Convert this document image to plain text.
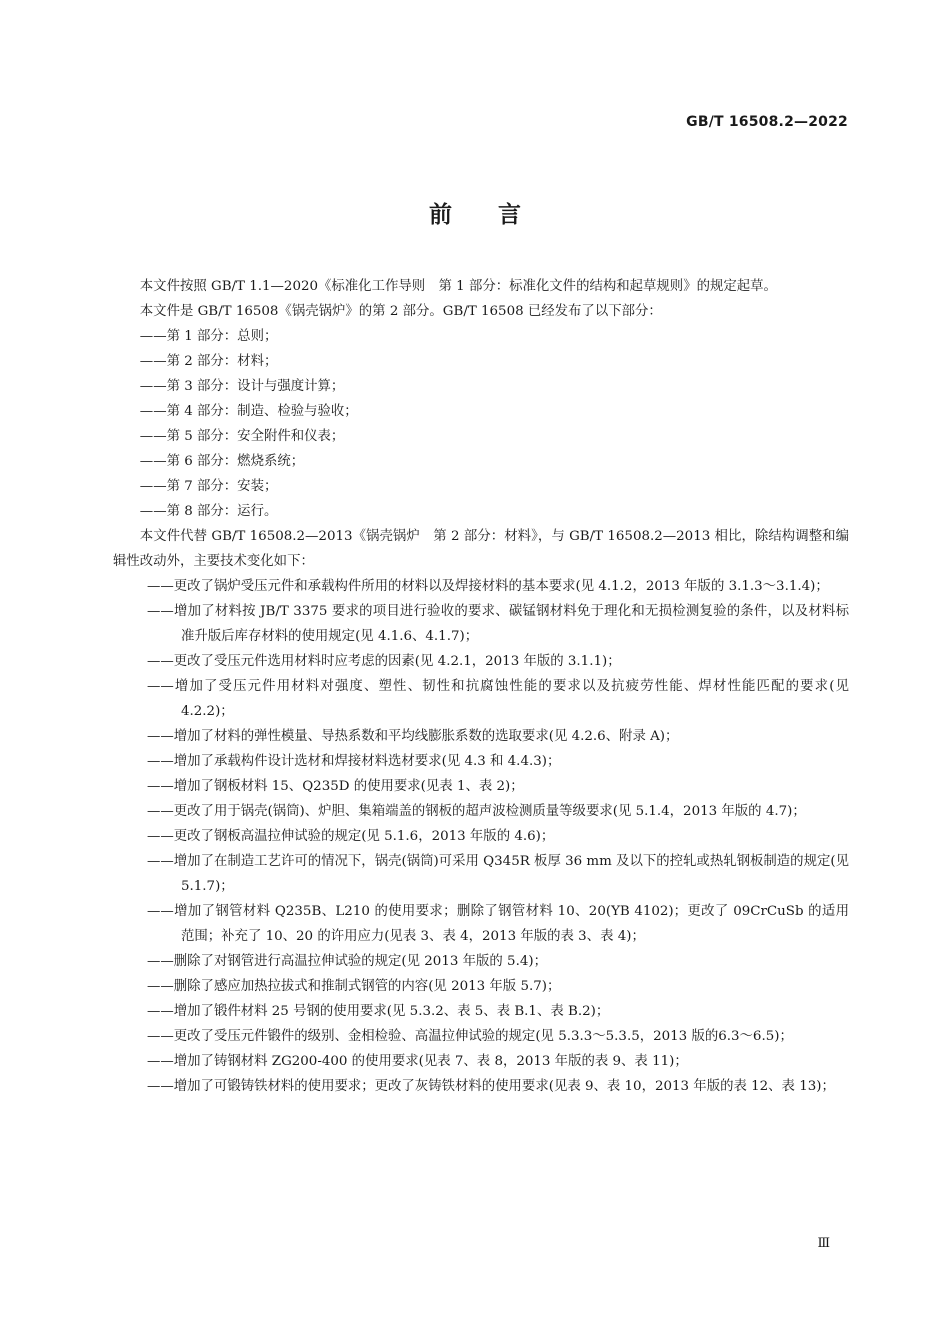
GB/T 16508.2—2022
前言

本文件按照 GB/T 1.1—2020《标准化工作导则　第 1 部分：标准化文件的结构和起草规则》的规定起草。

本文件是 GB/T 16508《锅壳锅炉》的第 2 部分。GB/T 16508 已经发布了以下部分：

——第 1 部分：总则；

——第 2 部分：材料；

——第 3 部分：设计与强度计算；

——第 4 部分：制造、检验与验收；

——第 5 部分：安全附件和仪表；

——第 6 部分：燃烧系统；

——第 7 部分：安装；

——第 8 部分：运行。

本文件代替 GB/T 16508.2—2013《锅壳锅炉　第 2 部分：材料》，与 GB/T 16508.2—2013 相比，除结构调整和编辑性改动外，主要技术变化如下：

——更改了锅炉受压元件和承载构件所用的材料以及焊接材料的基本要求(见 4.1.2，2013 年版的 3.1.3～3.1.4)；

——增加了材料按 JB/T 3375 要求的项目进行验收的要求、碳锰钢材料免于理化和无损检测复验的条件，以及材料标准升版后库存材料的使用规定(见 4.1.6、4.1.7)；

——更改了受压元件选用材料时应考虑的因素(见 4.2.1，2013 年版的 3.1.1)；

——增加了受压元件用材料对强度、塑性、韧性和抗腐蚀性能的要求以及抗疲劳性能、焊材性能匹配的要求(见 4.2.2)；

——增加了材料的弹性模量、导热系数和平均线膨胀系数的选取要求(见 4.2.6、附录 A)；

——增加了承载构件设计选材和焊接材料选材要求(见 4.3 和 4.4.3)；

——增加了钢板材料 15、Q235D 的使用要求(见表 1、表 2)；

——更改了用于锅壳(锅筒)、炉胆、集箱端盖的钢板的超声波检测质量等级要求(见 5.1.4，2013 年版的 4.7)；

——更改了钢板高温拉伸试验的规定(见 5.1.6，2013 年版的 4.6)；

——增加了在制造工艺许可的情况下，锅壳(锅筒)可采用 Q345R 板厚 36 mm 及以下的控轧或热轧钢板制造的规定(见 5.1.7)；

——增加了钢管材料 Q235B、L210 的使用要求；删除了钢管材料 10、20(YB 4102)；更改了 09CrCuSb 的适用范围；补充了 10、20 的许用应力(见表 3、表 4，2013 年版的表 3、表 4)；

——删除了对钢管进行高温拉伸试验的规定(见 2013 年版的 5.4)；

——删除了感应加热拉拔式和推制式钢管的内容(见 2013 年版 5.7)；

——增加了锻件材料 25 号钢的使用要求(见 5.3.2、表 5、表 B.1、表 B.2)；

——更改了受压元件锻件的级别、金相检验、高温拉伸试验的规定(见 5.3.3～5.3.5，2013 版的6.3～6.5)；

——增加了铸钢材料 ZG200-400 的使用要求(见表 7、表 8，2013 年版的表 9、表 11)；

——增加了可锻铸铁材料的使用要求；更改了灰铸铁材料的使用要求(见表 9、表 10，2013 年版的表 12、表 13)；

Ⅲ
